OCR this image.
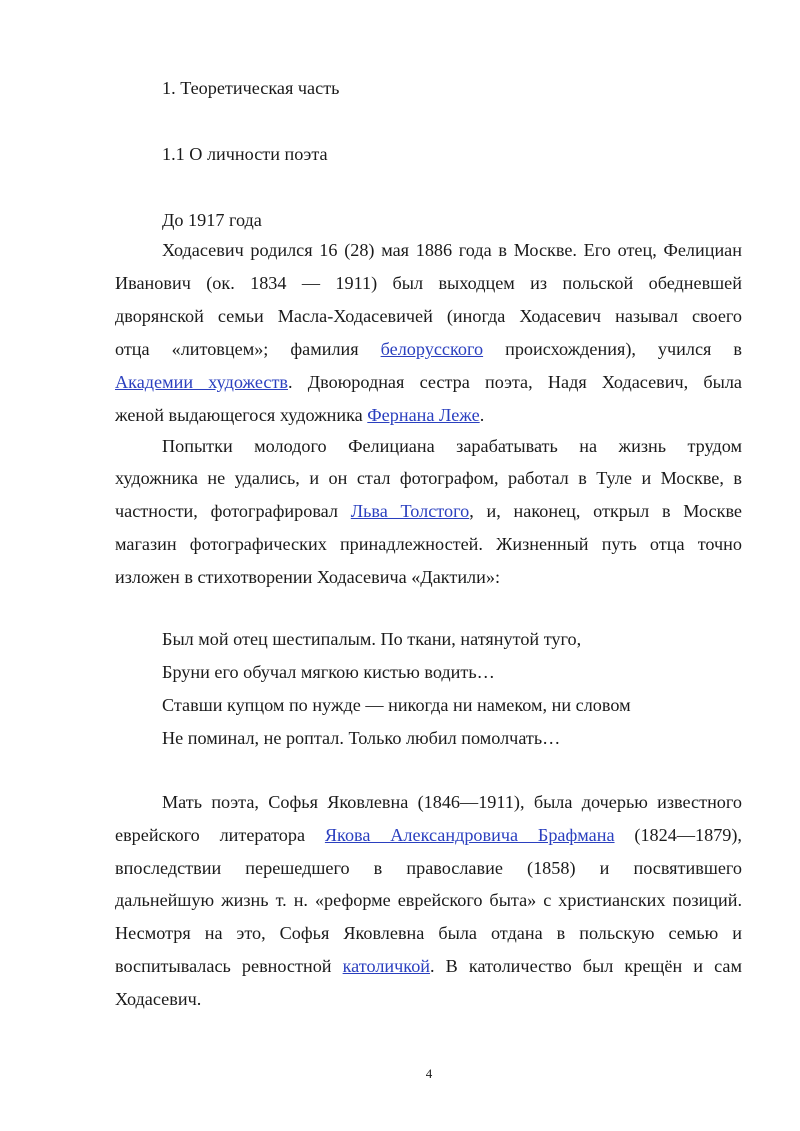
1. Теоретическая часть
1.1 О личности поэта
До 1917 года
Ходасевич родился 16 (28) мая 1886 года в Москве. Его отец, Фелициан
Иванович (ок. 1834 — 1911) был выходцем из польской обедневшей
дворянской семьи Масла-Ходасевичей (иногда Ходасевич называл своего
отца «литовцем»; фамилия белорусского происхождения), учился в
Академии художеств. Двоюродная сестра поэта, Надя Ходасевич, была
женой выдающегося художника Фернана Леже.
Попытки молодого Фелициана зарабатывать на жизнь трудом
художника не удались, и он стал фотографом, работал в Туле и Москве, в
частности, фотографировал Льва Толстого, и, наконец, открыл в Москве
магазин фотографических принадлежностей. Жизненный путь отца точно
изложен в стихотворении Ходасевича «Дактили»:
Был мой отец шестипалым. По ткани, натянутой туго,
Бруни его обучал мягкою кистью водить…
Ставши купцом по нужде — никогда ни намеком, ни словом
Не поминал, не роптал. Только любил помолчать…
Мать поэта, Софья Яковлевна (1846—1911), была дочерью известного
еврейского литератора Якова Александровича Брафмана (1824—1879),
впоследствии перешедшего в православие (1858) и посвятившего
дальнейшую жизнь т. н. «реформе еврейского быта» с христианских позиций.
Несмотря на это, Софья Яковлевна была отдана в польскую семью и
воспитывалась ревностной католичкой. В католичество был крещён и сам
Ходасевич.
4
